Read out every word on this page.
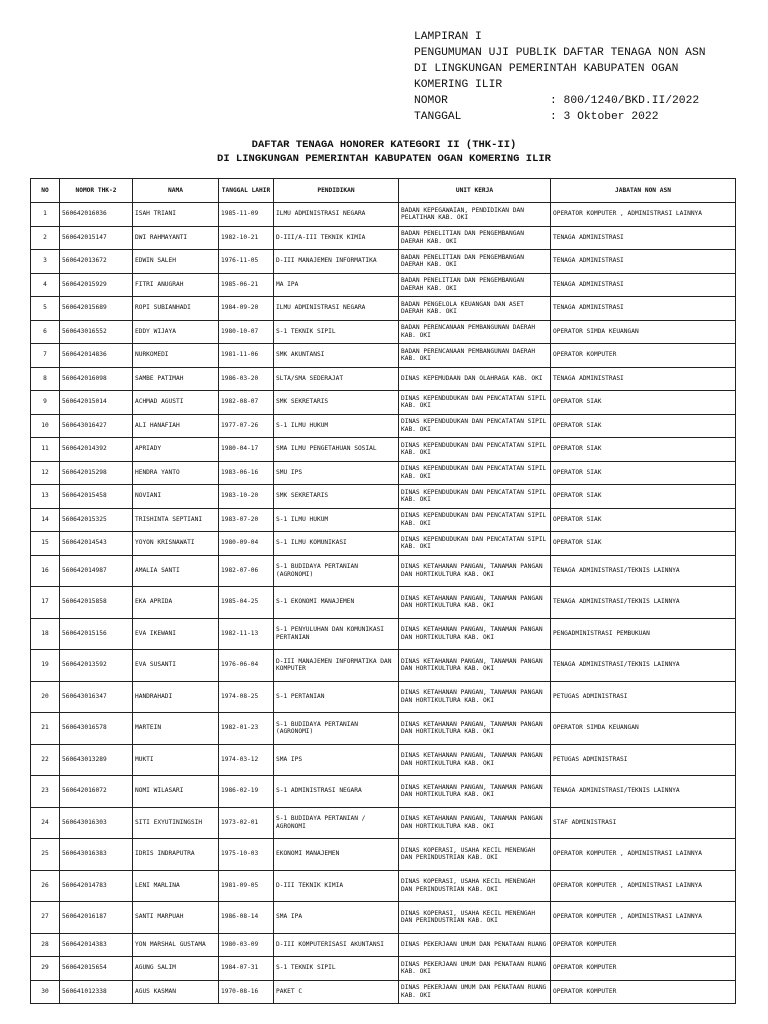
LAMPIRAN I
PENGUMUMAN UJI PUBLIK DAFTAR TENAGA NON ASN
DI LINGKUNGAN PEMERINTAH KABUPATEN OGAN
KOMERING ILIR
NOMOR	: 800/1240/BKD.II/2022
TANGGAL	: 3 Oktober 2022
DAFTAR TENAGA HONORER KATEGORI II (THK-II)
DI LINGKUNGAN PEMERINTAH KABUPATEN OGAN KOMERING ILIR
NO	NOMOR THK-2	NAMA	TANGGAL LAHIR	PENDIDIKAN	UNIT KERJA	JABATAN NON ASN
1	560642016036	ISAH TRIANI	1985-11-09	ILMU ADMINISTRASI NEGARA	BADAN KEPEGAWAIAN, PENDIDIKAN DAN PELATIHAN KAB. OKI	OPERATOR KOMPUTER , ADMINISTRASI LAINNYA
2	560642015147	DWI RAHMAYANTI	1982-10-21	D-III/A-III TEKNIK KIMIA	BADAN PENELITIAN DAN PENGEMBANGAN DAERAH KAB. OKI	TENAGA ADMINISTRASI
3	560642013672	EDWIN SALEH	1976-11-05	D-III MANAJEMEN INFORMATIKA	BADAN PENELITIAN DAN PENGEMBANGAN DAERAH KAB. OKI	TENAGA ADMINISTRASI
4	560642015929	FITRI ANUGRAH	1985-06-21	MA IPA	BADAN PENELITIAN DAN PENGEMBANGAN DAERAH KAB. OKI	TENAGA ADMINISTRASI
5	560642015689	ROPI SUBIANHADI	1984-09-20	ILMU ADMINISTRASI NEGARA	BADAN PENGELOLA KEUANGAN DAN ASET DAERAH KAB. OKI	TENAGA ADMINISTRASI
6	560643016552	EDDY WIJAYA	1980-10-07	S-1 TEKNIK SIPIL	BADAN PERENCANAAN PEMBANGUNAN DAERAH KAB. OKI	OPERATOR SIMDA KEUANGAN
7	560642014836	NURKOMEDI	1981-11-06	SMK AKUNTANSI	BADAN PERENCANAAN PEMBANGUNAN DAERAH KAB. OKI	OPERATOR KOMPUTER
8	560642016098	SAMBE PATIMAH	1986-03-20	SLTA/SMA SEDERAJAT	DINAS KEPEMUDAAN DAN OLAHRAGA KAB. OKI	TENAGA ADMINISTRASI
9	560642015014	ACHMAD AGUSTI	1982-08-07	SMK SEKRETARIS	DINAS KEPENDUDUKAN DAN PENCATATAN SIPIL KAB. OKI	OPERATOR SIAK
10	560643016427	ALI HANAFIAH	1977-07-26	S-1 ILMU HUKUM	DINAS KEPENDUDUKAN DAN PENCATATAN SIPIL KAB. OKI	OPERATOR SIAK
11	560642014392	APRIADY	1980-04-17	SMA ILMU PENGETAHUAN SOSIAL	DINAS KEPENDUDUKAN DAN PENCATATAN SIPIL KAB. OKI	OPERATOR SIAK
12	560642015298	HENDRA YANTO	1983-06-16	SMU IPS	DINAS KEPENDUDUKAN DAN PENCATATAN SIPIL KAB. OKI	OPERATOR SIAK
13	560642015458	NOVIANI	1983-10-20	SMK SEKRETARIS	DINAS KEPENDUDUKAN DAN PENCATATAN SIPIL KAB. OKI	OPERATOR SIAK
14	560642015325	TRISHINTA SEPTIANI	1983-07-20	S-1 ILMU HUKUM	DINAS KEPENDUDUKAN DAN PENCATATAN SIPIL KAB. OKI	OPERATOR SIAK
15	560642014543	YOYON KRISNAWATI	1980-09-04	S-1 ILMU KOMUNIKASI	DINAS KEPENDUDUKAN DAN PENCATATAN SIPIL KAB. OKI	OPERATOR SIAK
16	560642014987	AMALIA SANTI	1982-07-06	S-1 BUDIDAYA PERTANIAN (AGRONOMI)	DINAS KETAHANAN PANGAN, TANAMAN PANGAN DAN HORTIKULTURA KAB. OKI	TENAGA ADMINISTRASI/TEKNIS LAINNYA
17	560642015858	EKA APRIDA	1985-04-25	S-1 EKONOMI MANAJEMEN	DINAS KETAHANAN PANGAN, TANAMAN PANGAN DAN HORTIKULTURA KAB. OKI	TENAGA ADMINISTRASI/TEKNIS LAINNYA
18	560642015156	EVA IKEWANI	1982-11-13	S-1 PENYULUHAN DAN KOMUNIKASI PERTANIAN	DINAS KETAHANAN PANGAN, TANAMAN PANGAN DAN HORTIKULTURA KAB. OKI	PENGADMINISTRASI PEMBUKUAN
19	560642013592	EVA SUSANTI	1976-06-04	D-III MANAJEMEN INFORMATIKA DAN KOMPUTER	DINAS KETAHANAN PANGAN, TANAMAN PANGAN DAN HORTIKULTURA KAB. OKI	TENAGA ADMINISTRASI/TEKNIS LAINNYA
20	560643016347	HANDRAHADI	1974-08-25	S-1 PERTANIAN	DINAS KETAHANAN PANGAN, TANAMAN PANGAN DAN HORTIKULTURA KAB. OKI	PETUGAS ADMINISTRASI
21	560643016578	MARTEIN	1982-01-23	S-1 BUDIDAYA PERTANIAN (AGRONOMI)	DINAS KETAHANAN PANGAN, TANAMAN PANGAN DAN HORTIKULTURA KAB. OKI	OPERATOR SIMDA KEUANGAN
22	560643013289	MUKTI	1974-03-12	SMA IPS	DINAS KETAHANAN PANGAN, TANAMAN PANGAN DAN HORTIKULTURA KAB. OKI	PETUGAS ADMINISTRASI
23	560642016072	NOMI WILASARI	1986-02-19	S-1 ADMINISTRASI NEGARA	DINAS KETAHANAN PANGAN, TANAMAN PANGAN DAN HORTIKULTURA KAB. OKI	TENAGA ADMINISTRASI/TEKNIS LAINNYA
24	560643016303	SITI EXYUTININGSIH	1973-02-01	S-1 BUDIDAYA PERTANIAN / AGRONOMI	DINAS KETAHANAN PANGAN, TANAMAN PANGAN DAN HORTIKULTURA KAB. OKI	STAF ADMINISTRASI
25	560643016383	IDRIS INDRAPUTRA	1975-10-03	EKONOMI MANAJEMEN	DINAS KOPERASI, USAHA KECIL MENENGAH DAN PERINDUSTRIAN KAB. OKI	OPERATOR KOMPUTER , ADMINISTRASI LAINNYA
26	560642014783	LENI MARLINA	1981-09-05	D-III TEKNIK KIMIA	DINAS KOPERASI, USAHA KECIL MENENGAH DAN PERINDUSTRIAN KAB. OKI	OPERATOR KOMPUTER , ADMINISTRASI LAINNYA
27	560642016187	SANTI MARPUAH	1986-08-14	SMA IPA	DINAS KOPERASI, USAHA KECIL MENENGAH DAN PERINDUSTRIAN KAB. OKI	OPERATOR KOMPUTER , ADMINISTRASI LAINNYA
28	560642014383	YON MARSHAL GUSTAMA	1980-03-09	D-III KOMPUTERISASI AKUNTANSI	DINAS PEKERJAAN UMUM DAN PENATAAN RUANG	OPERATOR KOMPUTER
29	560642015654	AGUNG SALIM	1984-07-31	S-1 TEKNIK SIPIL	DINAS PEKERJAAN UMUM DAN PENATAAN RUANG KAB. OKI	OPERATOR KOMPUTER
30	560641012338	AGUS KASMAN	1970-08-16	PAKET C	DINAS PEKERJAAN UMUM DAN PENATAAN RUANG KAB. OKI	OPERATOR KOMPUTER
